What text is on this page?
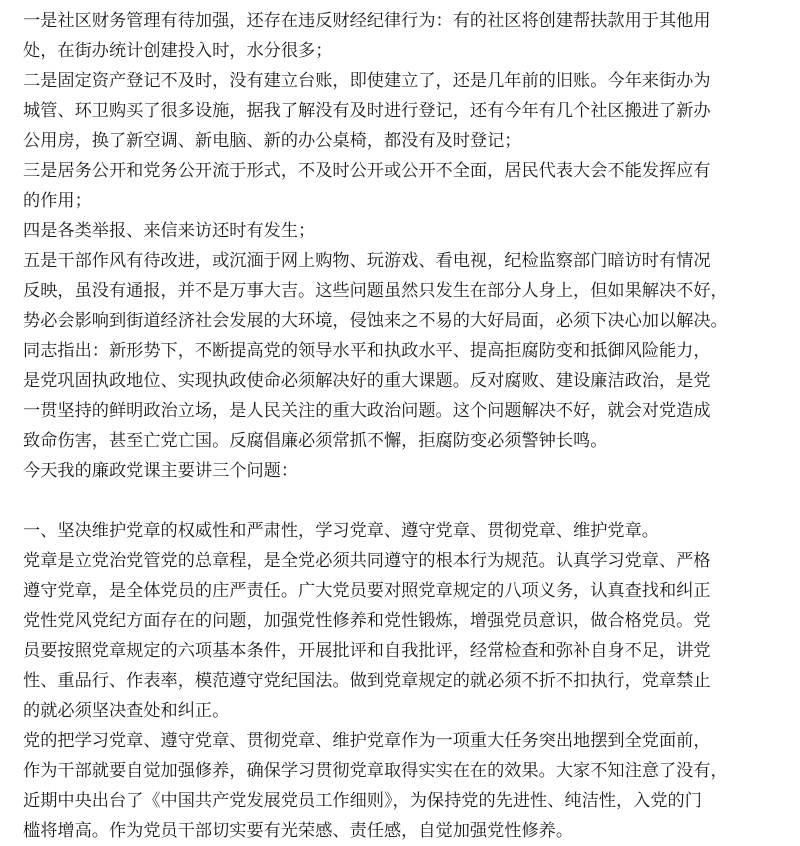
一是社区财务管理有待加强，还存在违反财经纪律行为：有的社区将创建帮扶款用于其他用
处，在街办统计创建投入时，水分很多；
二是固定资产登记不及时，没有建立台账，即使建立了，还是几年前的旧账。今年来街办为
城管、环卫购买了很多设施，据我了解没有及时进行登记，还有今年有几个社区搬进了新办
公用房，换了新空调、新电脑、新的办公桌椅，都没有及时登记；
三是居务公开和党务公开流于形式，不及时公开或公开不全面，居民代表大会不能发挥应有
的作用；
四是各类举报、来信来访还时有发生；
五是干部作风有待改进，或沉湎于网上购物、玩游戏、看电视，纪检监察部门暗访时有情况
反映，虽没有通报，并不是万事大吉。这些问题虽然只发生在部分人身上，但如果解决不好，
势必会影响到街道经济社会发展的大环境，侵蚀来之不易的大好局面，必须下决心加以解决。
同志指出：新形势下，不断提高党的领导水平和执政水平、提高拒腐防变和抵御风险能力，
是党巩固执政地位、实现执政使命必须解决好的重大课题。反对腐败、建设廉洁政治，是党
一贯坚持的鲜明政治立场，是人民关注的重大政治问题。这个问题解决不好，就会对党造成
致命伤害，甚至亡党亡国。反腐倡廉必须常抓不懈，拒腐防变必须警钟长鸣。
今天我的廉政党课主要讲三个问题：
一、坚决维护党章的权威性和严肃性，学习党章、遵守党章、贯彻党章、维护党章。
党章是立党治党管党的总章程，是全党必须共同遵守的根本行为规范。认真学习党章、严格
遵守党章，是全体党员的庄严责任。广大党员要对照党章规定的八项义务，认真查找和纠正
党性党风党纪方面存在的问题，加强党性修养和党性锻炼，增强党员意识，做合格党员。党
员要按照党章规定的六项基本条件，开展批评和自我批评，经常检查和弥补自身不足，讲党
性、重品行、作表率，模范遵守党纪国法。做到党章规定的就必须不折不扣执行，党章禁止
的就必须坚决查处和纠正。
党的把学习党章、遵守党章、贯彻党章、维护党章作为一项重大任务突出地摆到全党面前，
作为干部就要自觉加强修养，确保学习贯彻党章取得实实在在的效果。大家不知注意了没有，
近期中央出台了《中国共产党发展党员工作细则》，为保持党的先进性、纯洁性，入党的门
槛将增高。作为党员干部切实要有光荣感、责任感，自觉加强党性修养。
